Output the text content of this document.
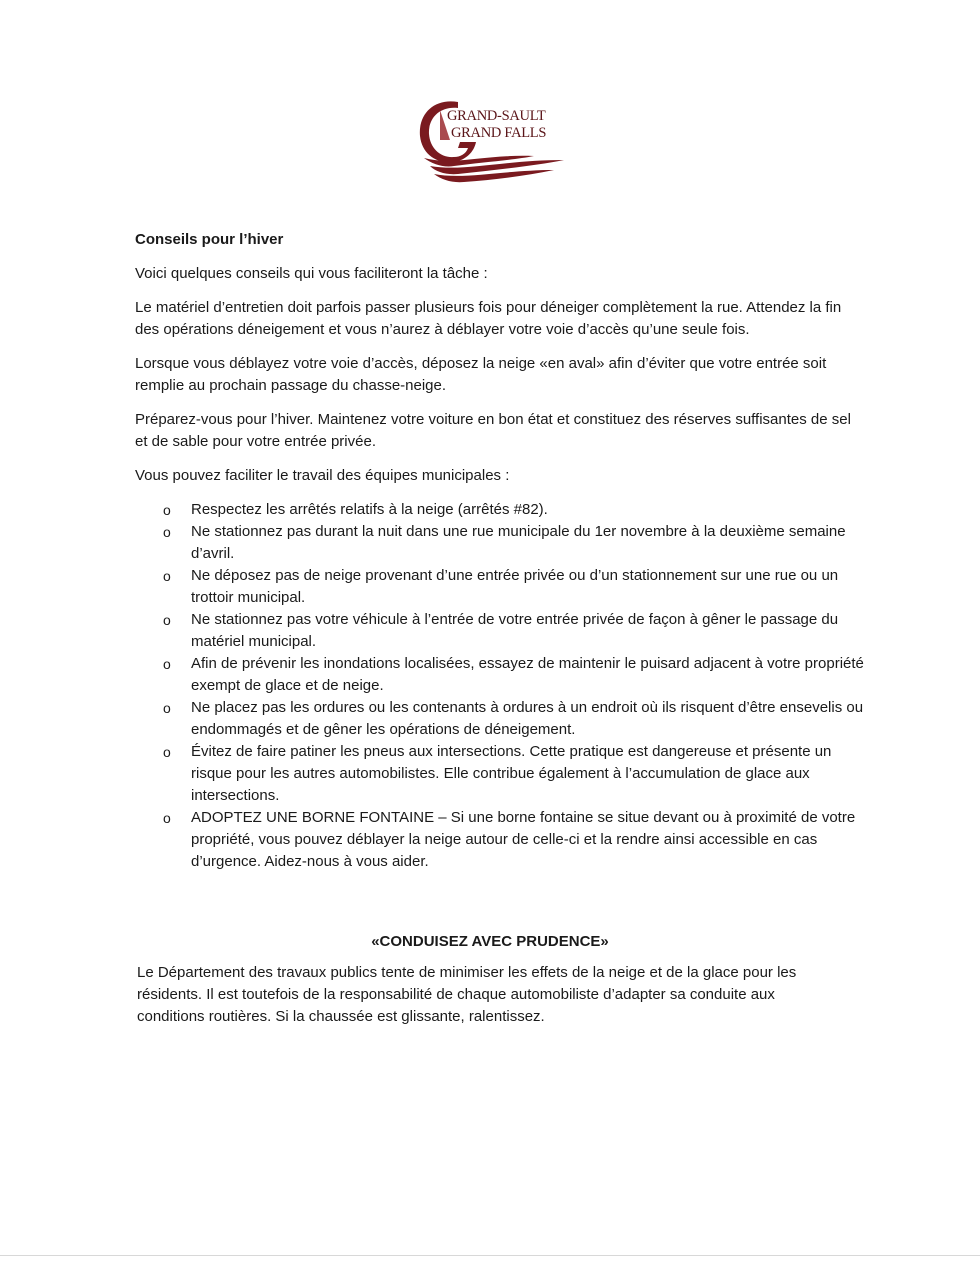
GRAND-SAULT
GRAND FALLS

Conseils pour l’hiver

Voici quelques conseils qui vous faciliteront la tâche :

Le matériel d’entretien doit parfois passer plusieurs fois pour déneiger complètement la rue. Attendez la fin des opérations déneigement et vous n’aurez à déblayer votre voie d’accès qu’une seule fois.

Lorsque vous déblayez votre voie d’accès, déposez la neige «en aval» afin d’éviter que votre entrée soit remplie au prochain passage du chasse-neige.

Préparez-vous pour l’hiver. Maintenez votre voiture en bon état et constituez des réserves suffisantes de sel et de sable pour votre entrée privée.

Vous pouvez faciliter le travail des équipes municipales :

o Respectez les arrêtés relatifs à la neige (arrêtés #82).
o Ne stationnez pas durant la nuit dans une rue municipale du 1er novembre à la deuxième semaine d’avril.
o Ne déposez pas de neige provenant d’une entrée privée ou d’un stationnement sur une rue ou un trottoir municipal.
o Ne stationnez pas votre véhicule à l’entrée de votre entrée privée de façon à gêner le passage du matériel municipal.
o Afin de prévenir les inondations localisées, essayez de maintenir le puisard adjacent à votre propriété exempt de glace et de neige.
o Ne placez pas les ordures ou les contenants à ordures à un endroit où ils risquent d’être ensevelis ou endommagés et de gêner les opérations de déneigement.
o Évitez de faire patiner les pneus aux intersections. Cette pratique est dangereuse et présente un risque pour les autres automobilistes. Elle contribue également à l’accumulation de glace aux intersections.
o ADOPTEZ UNE BORNE FONTAINE – Si une borne fontaine se situe devant ou à proximité de votre propriété, vous pouvez déblayer la neige autour de celle-ci et la rendre ainsi accessible en cas d’urgence. Aidez-nous à vous aider.
«CONDUISEZ AVEC PRUDENCE»

Le Département des travaux publics tente de minimiser les effets de la neige et de la glace pour les résidents. Il est toutefois de la responsabilité de chaque automobiliste d’adapter sa conduite aux conditions routières. Si la chaussée est glissante, ralentissez.
